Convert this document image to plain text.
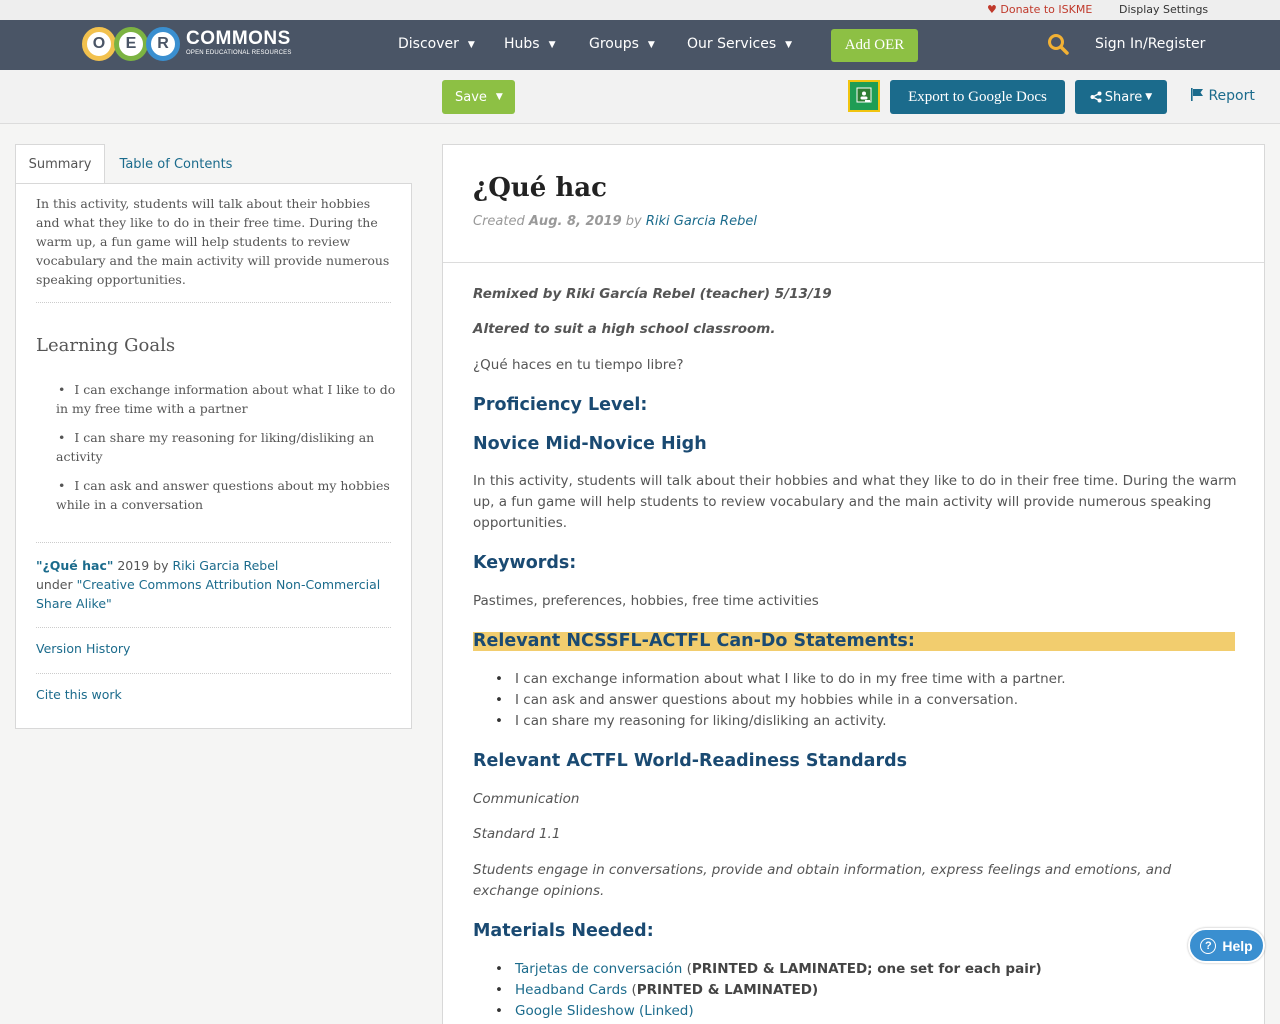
♥ Donate to ISKME Display Settings
O	E	R COMMONS
OPEN EDUCATIONAL RESOURCES
Discover ▼ Hubs ▼ Groups ▼ Our Services ▼	Add OER	Sign In/Register
Save ▼	Export to Google Docs	Share ▼	Report
Summary	Table of Contents
In this activity, students will talk about their hobbies and what they like to do in their free time. During the warm up, a fun game will help students to review vocabulary and the main activity will provide numerous speaking opportunities.
Learning Goals
• I can exchange information about what I like to do in my free time with a partner
• I can share my reasoning for liking/disliking an activity
• I can ask and answer questions about my hobbies while in a conversation
"¿Qué hac" 2019 by Riki Garcia Rebel
under "Creative Commons Attribution Non-Commercial Share Alike"
Version History
Cite this work
¿Qué hac
Created Aug. 8, 2019 by Riki Garcia Rebel
Remixed by Riki García Rebel (teacher) 5/13/19
Altered to suit a high school classroom.
¿Qué haces en tu tiempo libre?
Proficiency Level:
Novice Mid-Novice High
In this activity, students will talk about their hobbies and what they like to do in their free time. During the warm up, a fun game will help students to review vocabulary and the main activity will provide numerous speaking opportunities.
Keywords:
Pastimes, preferences, hobbies, free time activities
Relevant NCSSFL-ACTFL Can-Do Statements:
• I can exchange information about what I like to do in my free time with a partner.
• I can ask and answer questions about my hobbies while in a conversation.
• I can share my reasoning for liking/disliking an activity.
Relevant ACTFL World-Readiness Standards
Communication
Standard 1.1
Students engage in conversations, provide and obtain information, express feelings and emotions, and exchange opinions.
Materials Needed:
• Tarjetas de conversación (PRINTED & LAMINATED; one set for each pair)
• Headband Cards (PRINTED & LAMINATED)
• Google Slideshow (Linked)
? Help
